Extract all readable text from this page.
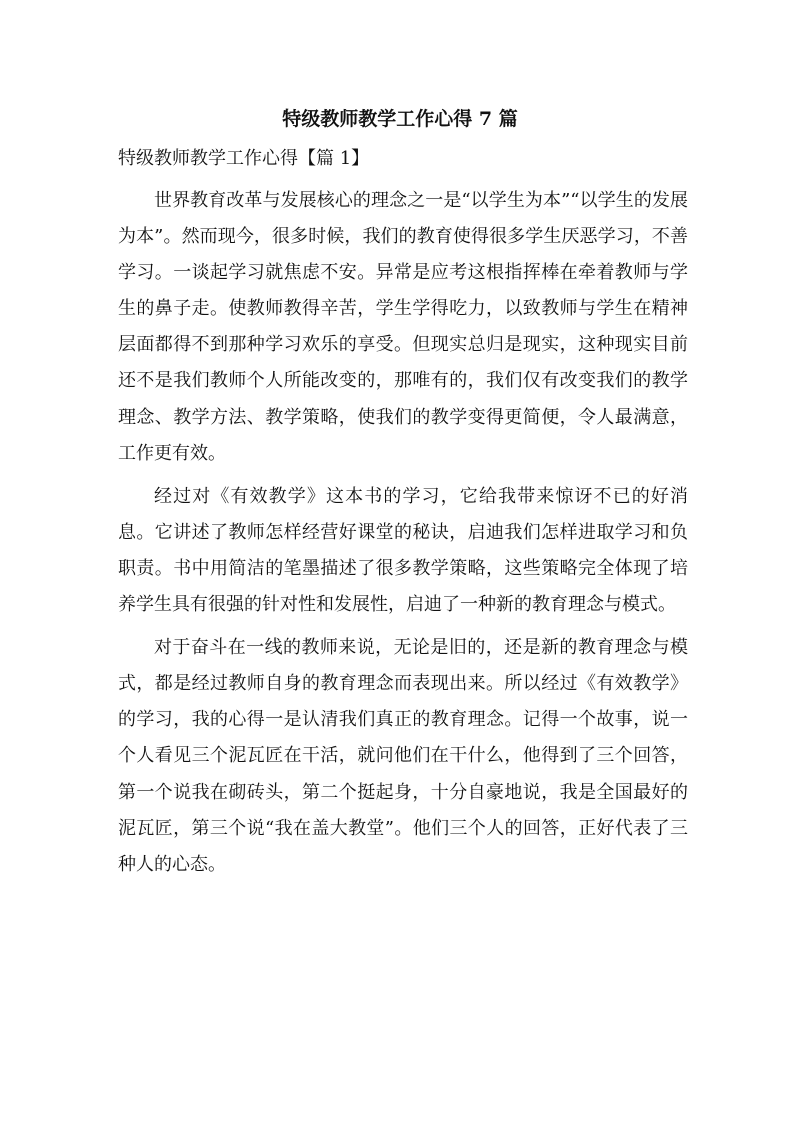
特级教师教学工作心得 7 篇
特级教师教学工作心得【篇 1】

世界教育改革与发展核心的理念之一是“以学生为本”“以学生的发展为本”。然而现今，很多时候，我们的教育使得很多学生厌恶学习，不善学习。一谈起学习就焦虑不安。异常是应考这根指挥棒在牵着教师与学生的鼻子走。使教师教得辛苦，学生学得吃力，以致教师与学生在精神层面都得不到那种学习欢乐的享受。但现实总归是现实，这种现实目前还不是我们教师个人所能改变的，那唯有的，我们仅有改变我们的教学理念、教学方法、教学策略，使我们的教学变得更简便，令人最满意，工作更有效。

经过对《有效教学》这本书的学习，它给我带来惊讶不已的好消息。它讲述了教师怎样经营好课堂的秘诀，启迪我们怎样进取学习和负职责。书中用简洁的笔墨描述了很多教学策略，这些策略完全体现了培养学生具有很强的针对性和发展性，启迪了一种新的教育理念与模式。

对于奋斗在一线的教师来说，无论是旧的，还是新的教育理念与模式，都是经过教师自身的教育理念而表现出来。所以经过《有效教学》的学习，我的心得一是认清我们真正的教育理念。记得一个故事，说一个人看见三个泥瓦匠在干活，就问他们在干什么，他得到了三个回答，第一个说我在砌砖头，第二个挺起身，十分自豪地说，我是全国最好的泥瓦匠，第三个说“我在盖大教堂”。他们三个人的回答，正好代表了三种人的心态。
